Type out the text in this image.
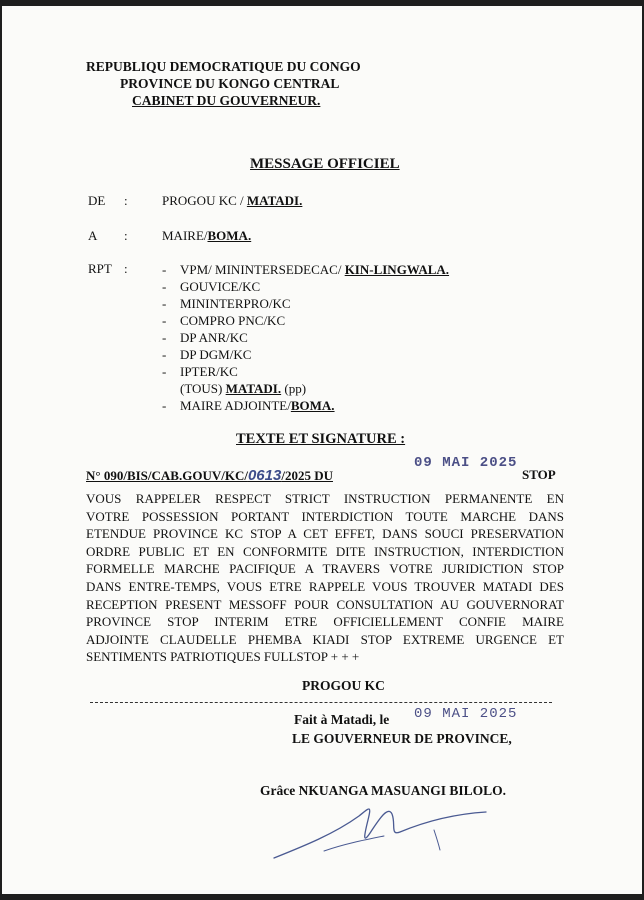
REPUBLIQU DEMOCRATIQUE DU CONGO
PROVINCE DU KONGO CENTRAL
CABINET DU GOUVERNEUR.
MESSAGE OFFICIEL
DE :	PROGOU KC / MATADI.
A :	MAIRE/BOMA.
RPT :	- VPM/ MININTERSEDECAC/ KIN-LINGWALA.
- GOUVICE/KC
- MININTERPRO/KC
- COMPRO PNC/KC
- DP ANR/KC
- DP DGM/KC
- IPTER/KC
(TOUS) MATADI. (pp)
- MAIRE ADJOINTE/BOMA.
TEXTE ET SIGNATURE :
N° 090/BIS/CAB.GOUV/KC/0613/2025 DU
09 MAI 2025
STOP
VOUS RAPPELER RESPECT STRICT INSTRUCTION PERMANENTE EN
VOTRE POSSESSION PORTANT INTERDICTION TOUTE MARCHE DANS
ETENDUE PROVINCE KC STOP A CET EFFET, DANS SOUCI PRESERVATION
ORDRE PUBLIC ET EN CONFORMITE DITE INSTRUCTION, INTERDICTION
FORMELLE MARCHE PACIFIQUE A TRAVERS VOTRE JURIDICTION STOP
DANS ENTRE-TEMPS, VOUS ETRE RAPPELE VOUS TROUVER MATADI DES
RECEPTION PRESENT MESSOFF POUR CONSULTATION AU GOUVERNORAT
PROVINCE STOP INTERIM ETRE OFFICIELLEMENT CONFIE MAIRE
ADJOINTE CLAUDELLE PHEMBA KIADI STOP EXTREME URGENCE ET
SENTIMENTS PATRIOTIQUES FULLSTOP + + +
PROGOU KC
Fait à Matadi, le 09 MAI 2025
LE GOUVERNEUR DE PROVINCE,
Grâce NKUANGA MASUANGI BILOLO.
